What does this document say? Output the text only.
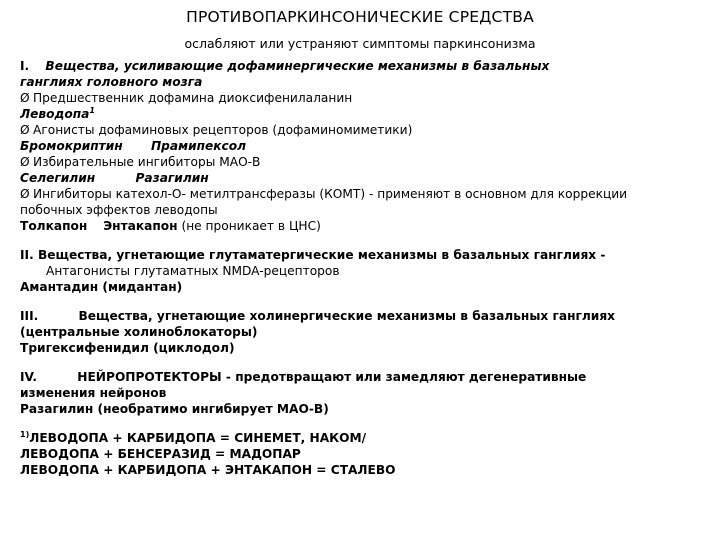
ПРОТИВОПАРКИНСОНИЧЕСКИЕ СРЕДСТВА
ослабляют или устраняют симптомы паркинсонизма
I. Вещества, усиливающие дофаминергические механизмы в базальных
ганглиях головного мозга
Ø Предшественник дофамина диоксифенилаланин
Леводопа$^1$
Ø Агонисты дофаминовых рецепторов (дофаминомиметики)
Бромокриптин Прамипексол
Ø Избирательные ингибиторы МАО-В
Селегилин	Разагилин
Ø Ингибиторы катехол-О- метилтрансферазы (КОМТ) - применяют в основном для коррекции
побочных эффектов леводопы
Толкапон Энтакапон (не проникает в ЦНС)
II. Вещества, угнетающие глутаматергические механизмы в базальных ганглиях -
Антагонисты глутаматных NMDA-рецепторов
Амантадин (мидантан)
III.	Вещества, угнетающие холинергические механизмы в базальных ганглиях
(центральные холиноблокаторы)
Тригексифенидил (циклодол)
IV.	НЕЙРОПРОТЕКТОРЫ - предотвращают или замедляют дегенеративные
изменения нейронов
Разагилин (необратимо ингибирует МАО-В)
$^{1)}$ЛЕВОДОПА + КАРБИДОПА = СИНЕМЕТ, НАКОМ/
ЛЕВОДОПА + БЕНСЕРАЗИД = МАДОПАР
ЛЕВОДОПА + КАРБИДОПА + ЭНТАКАПОН = СТАЛЕВО
